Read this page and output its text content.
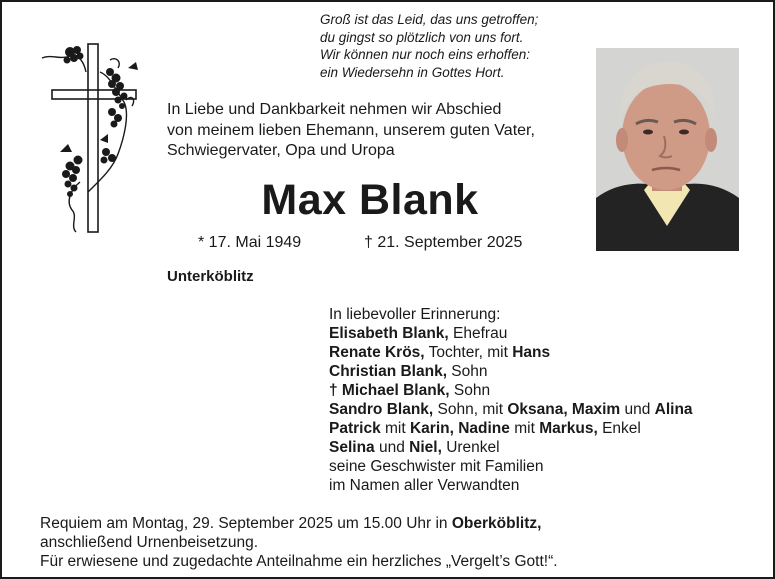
Groß ist das Leid, das uns getroffen;
du gingst so plötzlich von uns fort.
Wir können nur noch eins erhoffen:
ein Wiedersehn in Gottes Hort.
In Liebe und Dankbarkeit nehmen wir Abschied
von meinem lieben Ehemann, unserem guten Vater,
Schwiegervater, Opa und Uropa
Max Blank
* 17. Mai 1949	† 21. September 2025
Unterköblitz
In liebevoller Erinnerung:
Elisabeth Blank, Ehefrau
Renate Krös, Tochter, mit Hans
Christian Blank, Sohn
† Michael Blank, Sohn
Sandro Blank, Sohn, mit Oksana, Maxim und Alina
Patrick mit Karin, Nadine mit Markus, Enkel
Selina und Niel, Urenkel
seine Geschwister mit Familien
im Namen aller Verwandten
Requiem am Montag, 29. September 2025 um 15.00 Uhr in Oberköblitz,
anschließend Urnenbeisetzung.
Für erwiesene und zugedachte Anteilnahme ein herzliches „Vergelt’s Gott!“.
